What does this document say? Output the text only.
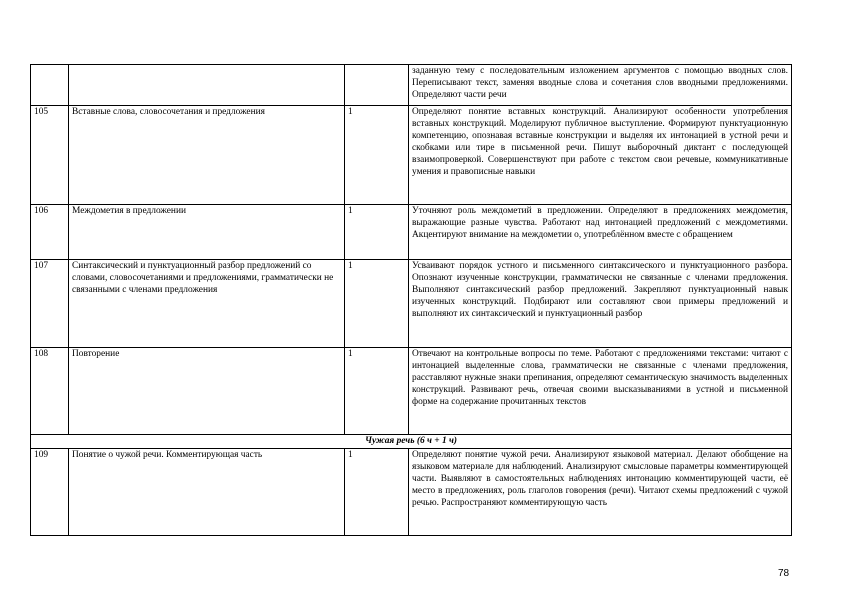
			заданную тему с последовательным изложением аргументов с помощью вводных слов. Переписывают текст, заменяя вводные слова и сочетания слов вводными предложениями. Определяют части речи
105	Вставные слова, словосочетания и предложения	1	Определяют понятие вставных конструкций. Анализируют особенности употребления вставных конструкций. Моделируют публичное выступление. Формируют пунктуационную компетенцию, опознавая вставные конструкции и выделяя их интонацией в устной речи и скобками или тире в письменной речи. Пишут выборочный диктант с последующей взаимопроверкой. Совершенствуют при работе с текстом свои речевые, коммуникативные умения и правописные навыки
106	Междометия в предложении	1	Уточняют роль междометий в предложении. Определяют в предложениях междометия, выражающие разные чувства. Работают над интонацией предложений с междометиями. Акцентируют внимание на междометии о, употреблённом вместе с обращением
107	Синтаксический и пунктуационный разбор предложений со словами, словосочетаниями и предложениями, грамматически не связанными с членами предложения	1	Усваивают порядок устного и письменного синтаксического и пунктуационного разбора. Опознают изученные конструкции, грамматически не связанные с членами предложения. Выполняют синтаксический разбор предложений. Закрепляют пунктуационный навык изученных конструкций. Подбирают или составляют свои примеры предложений и выполняют их синтаксический и пунктуационный разбор
108	Повторение	1	Отвечают на контрольные вопросы по теме. Работают с предложениями текстами: читают с интонацией выделенные слова, грамматически не связанные с членами предложения, расставляют нужные знаки препинания, определяют семантическую значимость выделенных конструкций. Развивают речь, отвечая своими высказываниями в устной и письменной форме на содержание прочитанных текстов
Чужая речь (6 ч + 1 ч)			
109	Понятие о чужой речи. Комментирующая часть	1	Определяют понятие чужой речи. Анализируют языковой материал. Делают обобщение на языковом материале для наблюдений. Анализируют смысловые параметры комментирующей части. Выявляют в самостоятельных наблюдениях интонацию комментирующей части, её место в предложениях, роль глаголов говорения (речи). Читают схемы предложений с чужой речью. Распространяют комментирующую часть
78
